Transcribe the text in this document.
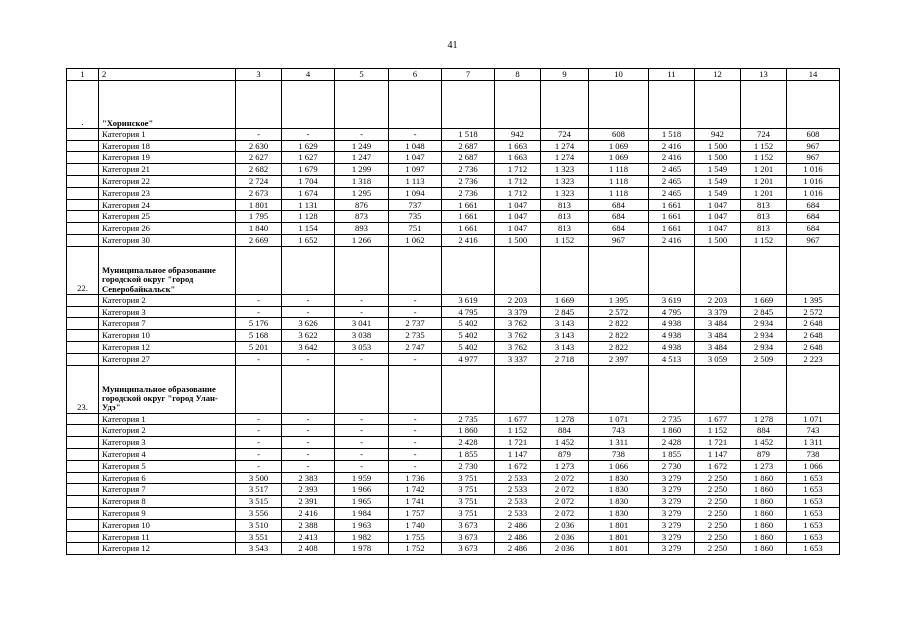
41
1	2	3	4	5	6	7	8	9	10	11	12	13	14
.	"Хоринское"												
	Категория 1	-	-	-	-	1 518	942	724	608	1 518	942	724	608
	Категория 18	2 630	1 629	1 249	1 048	2 687	1 663	1 274	1 069	2 416	1 500	1 152	967
	Категория 19	2 627	1 627	1 247	1 047	2 687	1 663	1 274	1 069	2 416	1 500	1 152	967
	Категория 21	2 682	1 679	1 299	1 097	2 736	1 712	1 323	1 118	2 465	1 549	1 201	1 016
	Категория 22	2 724	1 704	1 318	1 113	2 736	1 712	1 323	1 118	2 465	1 549	1 201	1 016
	Категория 23	2 673	1 674	1 295	1 094	2 736	1 712	1 323	1 118	2 465	1 549	1 201	1 016
	Категория 24	1 801	1 131	876	737	1 661	1 047	813	684	1 661	1 047	813	684
	Категория 25	1 795	1 128	873	735	1 661	1 047	813	684	1 661	1 047	813	684
	Категория 26	1 840	1 154	893	751	1 661	1 047	813	684	1 661	1 047	813	684
	Категория 30	2 669	1 652	1 266	1 062	2 416	1 500	1 152	967	2 416	1 500	1 152	967
22.	Муниципальное образование городской округ "город Северобайкальск"												
	Категория 2	-	-	-	-	3 619	2 203	1 669	1 395	3 619	2 203	1 669	1 395
	Категория 3	-	-	-	-	4 795	3 379	2 845	2 572	4 795	3 379	2 845	2 572
	Категория 7	5 176	3 626	3 041	2 737	5 402	3 762	3 143	2 822	4 938	3 484	2 934	2 648
	Категория 10	5 168	3 622	3 038	2 735	5 402	3 762	3 143	2 822	4 938	3 484	2 934	2 648
	Категория 12	5 201	3 642	3 053	2 747	5 402	3 762	3 143	2 822	4 938	3 484	2 934	2 648
	Категория 27	-	-	-	-	4 977	3 337	2 718	2 397	4 513	3 059	2 509	2 223
23.	Муниципальное образование городской округ "город Улан-Удэ"												
	Категория 1	-	-	-	-	2 735	1 677	1 278	1 071	2 735	1 677	1 278	1 071
	Категория 2	-	-	-	-	1 860	1 152	884	743	1 860	1 152	884	743
	Категория 3	-	-	-	-	2 428	1 721	1 452	1 311	2 428	1 721	1 452	1 311
	Категория 4	-	-	-	-	1 855	1 147	879	738	1 855	1 147	879	738
	Категория 5	-	-	-	-	2 730	1 672	1 273	1 066	2 730	1 672	1 273	1 066
	Категория 6	3 500	2 383	1 959	1 736	3 751	2 533	2 072	1 830	3 279	2 250	1 860	1 653
	Категория 7	3 517	2 393	1 966	1 742	3 751	2 533	2 072	1 830	3 279	2 250	1 860	1 653
	Категория 8	3 515	2 391	1 965	1 741	3 751	2 533	2 072	1 830	3 279	2 250	1 860	1 653
	Категория 9	3 556	2 416	1 984	1 757	3 751	2 533	2 072	1 830	3 279	2 250	1 860	1 653
	Категория 10	3 510	2 388	1 963	1 740	3 673	2 486	2 036	1 801	3 279	2 250	1 860	1 653
	Категория 11	3 551	2 413	1 982	1 755	3 673	2 486	2 036	1 801	3 279	2 250	1 860	1 653
	Категория 12	3 543	2 408	1 978	1 752	3 673	2 486	2 036	1 801	3 279	2 250	1 860	1 653
